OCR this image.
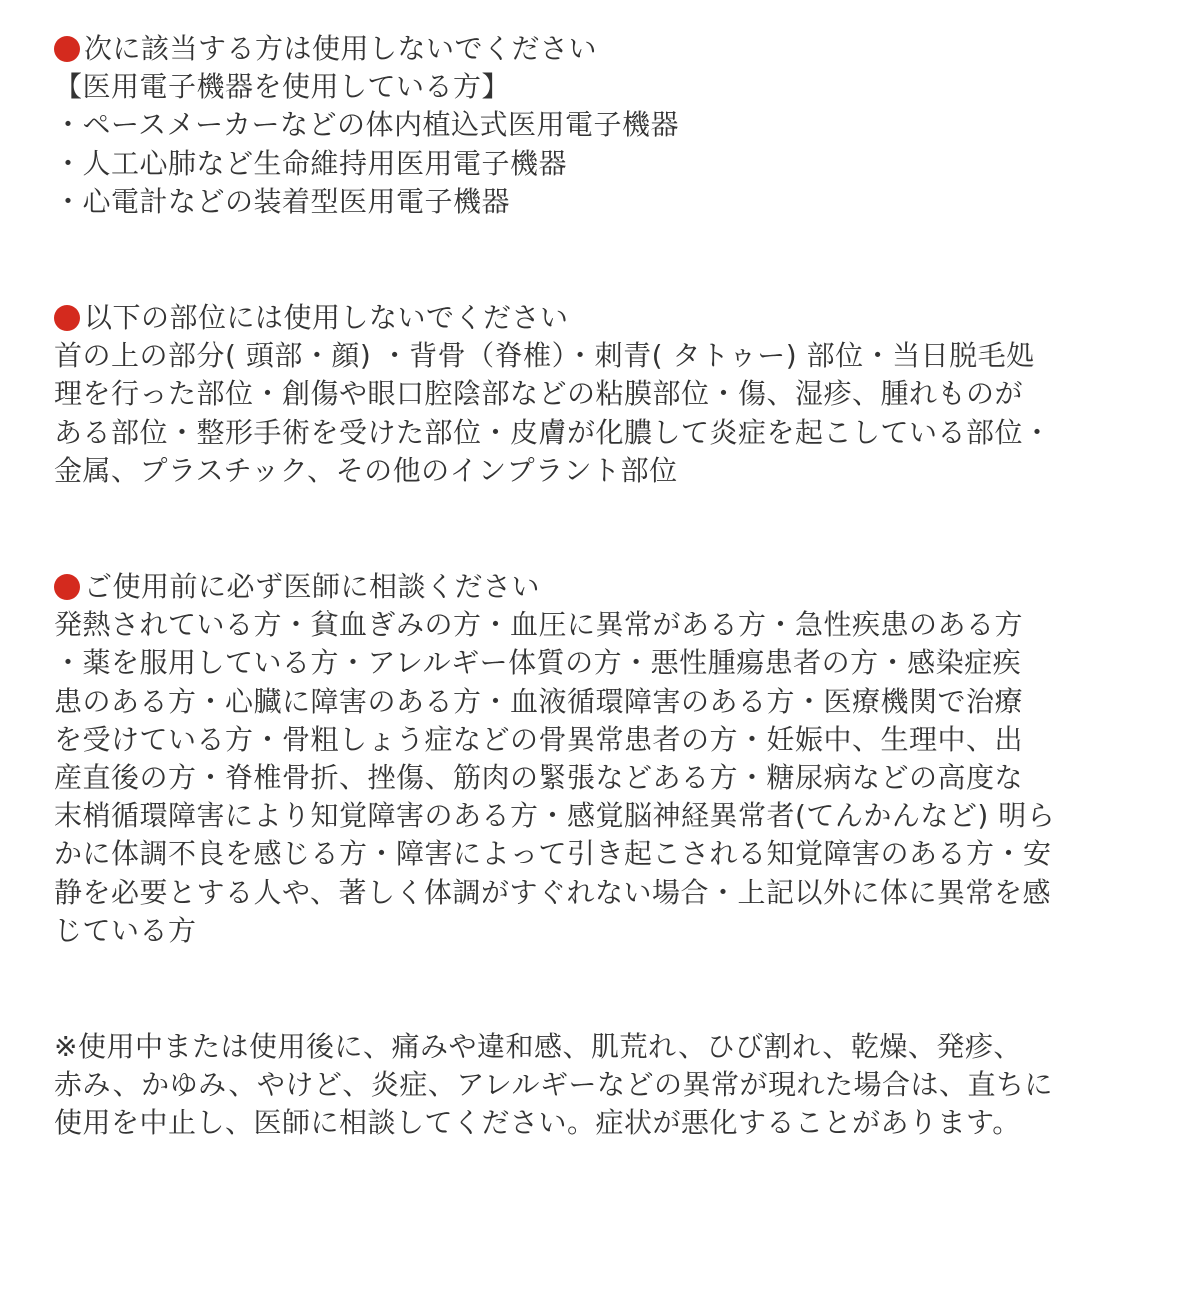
次に該当する方は使用しないでください
【医用電子機器を使用している方】
・ペースメーカーなどの体内植込式医用電子機器
・人工心肺など生命維持用医用電子機器
・心電計などの装着型医用電子機器
以下の部位には使用しないでください
首の上の部分( 頭部・顔) ・背骨（脊椎）・刺青( タトゥー) 部位・当日脱毛処
理を行った部位・創傷や眼口腔陰部などの粘膜部位・傷、湿疹、腫れものが
ある部位・整形手術を受けた部位・皮膚が化膿して炎症を起こしている部位・
金属、プラスチック、その他のインプラント部位
ご使用前に必ず医師に相談ください
発熱されている方・貧血ぎみの方・血圧に異常がある方・急性疾患のある方
・薬を服用している方・アレルギー体質の方・悪性腫瘍患者の方・感染症疾
患のある方・心臓に障害のある方・血液循環障害のある方・医療機関で治療
を受けている方・骨粗しょう症などの骨異常患者の方・妊娠中、生理中、出
産直後の方・脊椎骨折、挫傷、筋肉の緊張などある方・糖尿病などの高度な
末梢循環障害により知覚障害のある方・感覚脳神経異常者(てんかんなど) 明ら
かに体調不良を感じる方・障害によって引き起こされる知覚障害のある方・安
静を必要とする人や、著しく体調がすぐれない場合・上記以外に体に異常を感
じている方
※使用中または使用後に、痛みや違和感、肌荒れ、ひび割れ、乾燥、発疹、
赤み、かゆみ、やけど、炎症、アレルギーなどの異常が現れた場合は、直ちに
使用を中止し、医師に相談してください。症状が悪化することがあります。
